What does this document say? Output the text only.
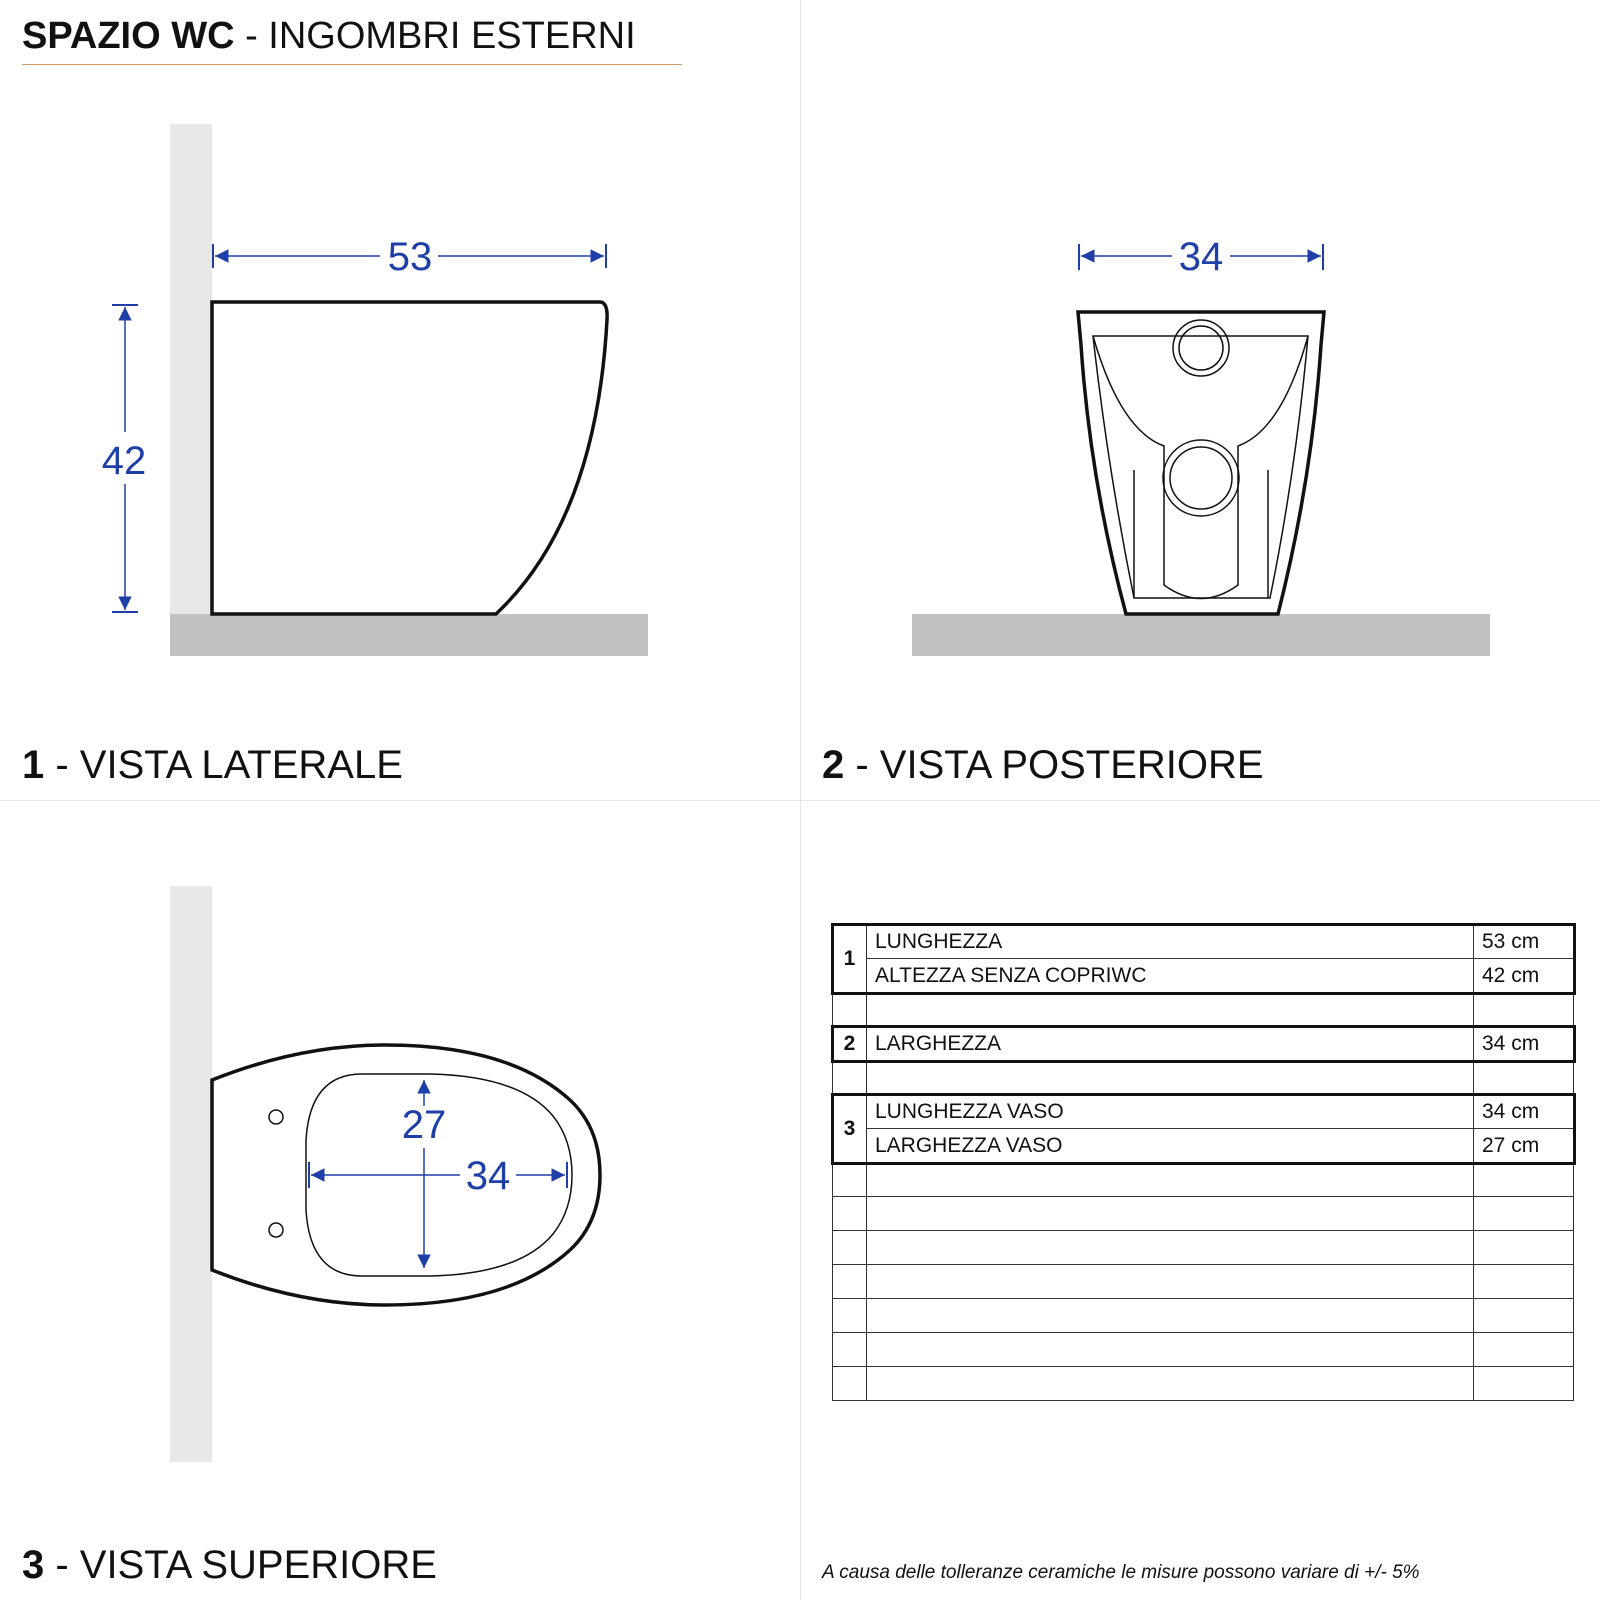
SPAZIO WC - INGOMBRI ESTERNI
53
42
34
27
34
1 - VISTA LATERALE	2 - VISTA POSTERIORE
3 - VISTA SUPERIORE
1	LUNGHEZZA	53 cm
	ALTEZZA SENZA COPRIWC	42 cm

2	LARGHEZZA	34 cm

3	LUNGHEZZA VASO	34 cm
	LARGHEZZA VASO	27 cm

A causa delle tolleranze ceramiche le misure possono variare di +/- 5%
